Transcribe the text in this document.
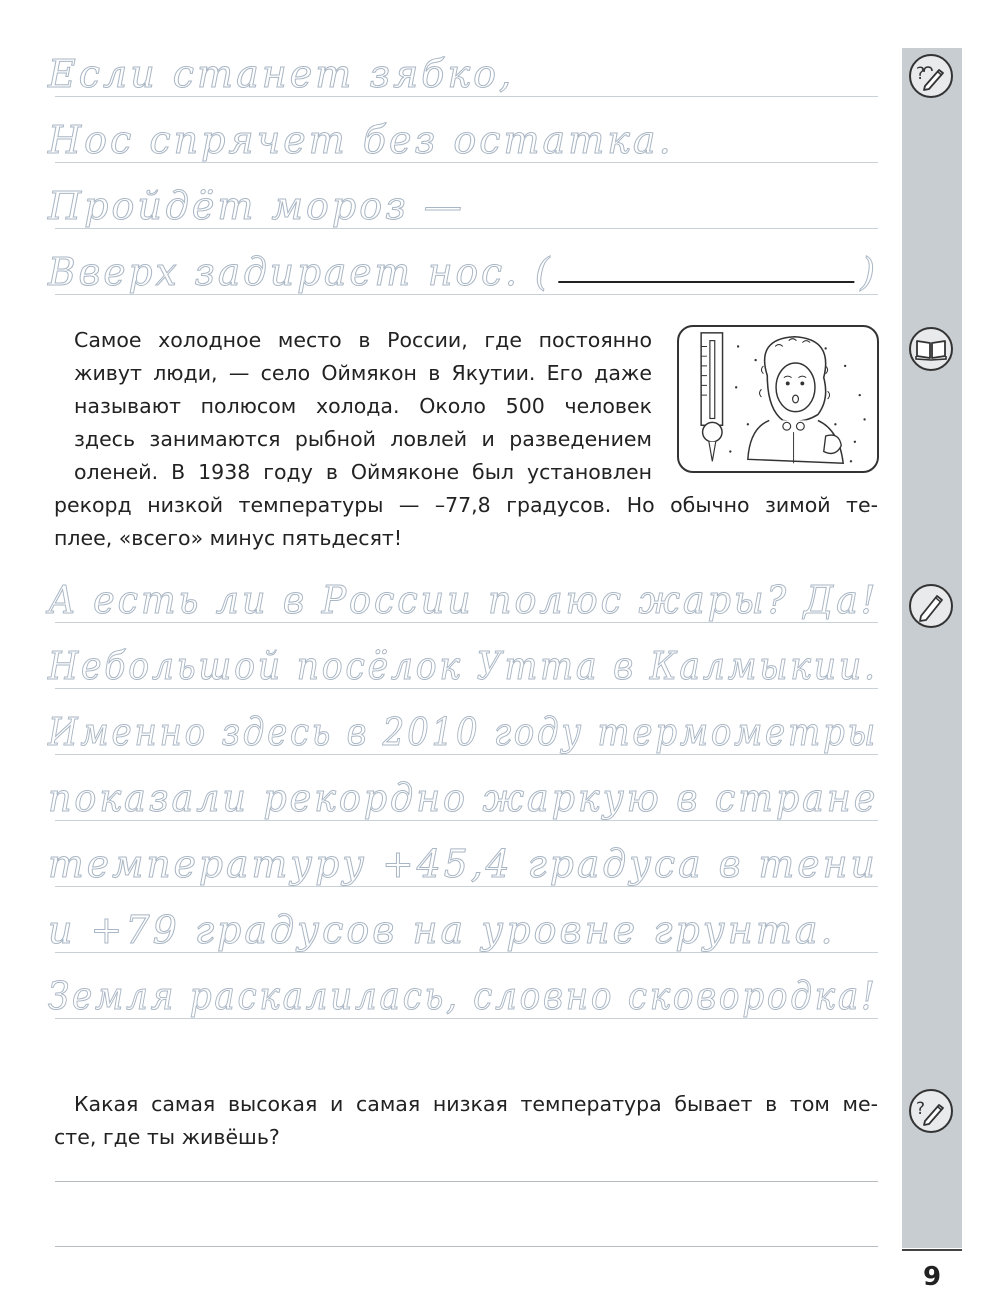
?
?
9
Если станет зябко,
Нос спрячет без остатка.
Пройдёт мороз —
Вверх задирает нос. (	)
Самое холодное место в России, где постоянно
живут люди, — село Оймякон в Якутии. Его даже
называют полюсом холода. Около 500 человек
здесь занимаются рыбной ловлей и разведением
оленей. В 1938 году в Оймяконе был установлен
рекорд низкой температуры — –77,8 градусов. Но обычно зимой те-
плее, «всего» минус пятьдесят!
А есть ли в России полюс жары? Да!
Небольшой посёлок Утта в Калмыкии.
Именно здесь в 2010 году термометры
показали рекордно жаркую в стране
температуру +45,4 градуса в тени
и +79 градусов на уровне грунта.
Земля раскалилась, словно сковородка!
Какая самая высокая и самая низкая температура бывает в том ме-
сте, где ты живёшь?
